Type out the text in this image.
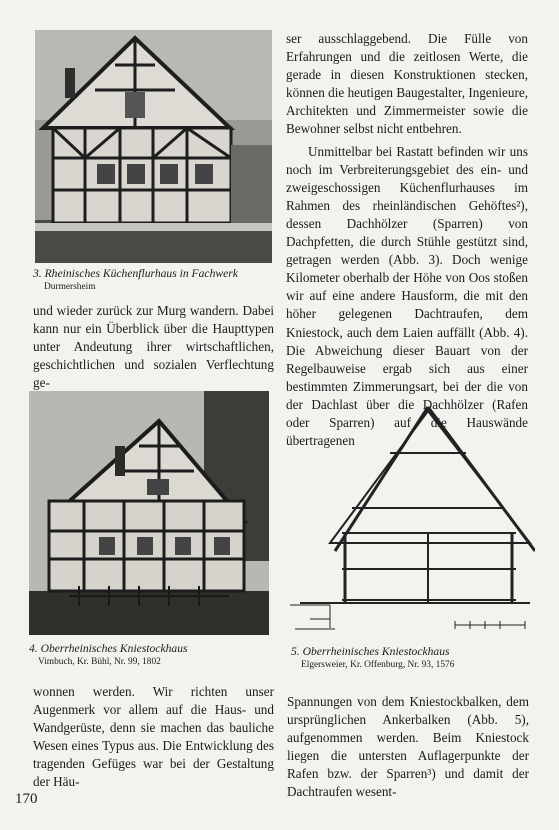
3. Rheinisches Küchenflurhaus in Fachwerk
Durmersheim

und wieder zurück zur Murg wandern. Dabei kann nur ein Überblick über die Haupttypen unter Andeutung ihrer wirtschaftlichen, geschichtlichen und sozialen Verflechtung ge-

ser ausschlaggebend. Die Fülle von Erfahrungen und die zeitlosen Werte, die gerade in diesen Konstruktionen stecken, können die heutigen Baugestalter, Ingenieure, Architekten und Zimmermeister sowie die Bewohner selbst nicht entbehren.

Unmittelbar bei Rastatt befinden wir uns noch im Verbreiterungsgebiet des ein- und zweigeschossigen Küchenflurhauses im Rahmen des rheinländischen Gehöftes²), dessen Dachhölzer (Sparren) von Dachpfetten, die durch Stühle gestützt sind, getragen werden (Abb. 3). Doch wenige Kilometer oberhalb der Höhe von Oos stoßen wir auf eine andere Hausform, die mit den höher gelegenen Dachtraufen, dem Kniestock, auch dem Laien auffällt (Abb. 4). Die Abweichung dieser Bauart von der Regelbauweise ergab sich aus einer bestimmten Zimmerungsart, bei der die von der Dachlast über die Dachhölzer (Rafen oder Sparren) auf die Hauswände übertragenen

4. Oberrheinisches Kniestockhaus
Vimbuch, Kr. Bühl, Nr. 99, 1802
5. Oberrheinisches Kniestockhaus
Elgersweier, Kr. Offenburg, Nr. 93, 1576

wonnen werden. Wir richten unser Augenmerk vor allem auf die Haus- und Wandgerüste, denn sie machen das bauliche Wesen eines Typus aus. Die Entwicklung des tragenden Gefüges war bei der Gestaltung der Häu-

Spannungen von dem Kniestockbalken, dem ursprünglichen Ankerbalken (Abb. 5), aufgenommen werden. Beim Kniestock liegen die untersten Auflagerpunkte der Rafen bzw. der Sparren³) und damit der Dachtraufen wesent-

170
